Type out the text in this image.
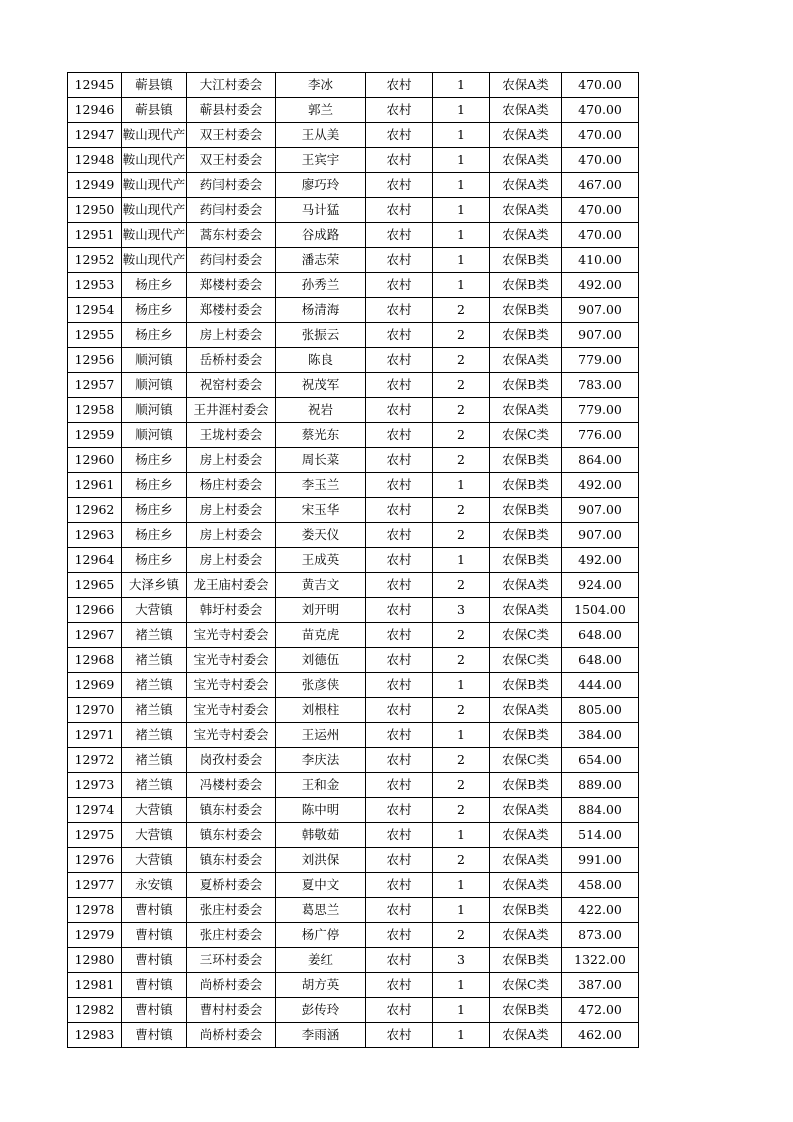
12945	蕲县镇	大江村委会	李冰	农村	1	农保A类	470.00
12946	蕲县镇	蕲县村委会	郭兰	农村	1	农保A类	470.00
12947	鞍山现代产	双王村委会	王从美	农村	1	农保A类	470.00
12948	鞍山现代产	双王村委会	王宾宇	农村	1	农保A类	470.00
12949	鞍山现代产	药闫村委会	廖巧玲	农村	1	农保A类	467.00
12950	鞍山现代产	药闫村委会	马计猛	农村	1	农保A类	470.00
12951	鞍山现代产	蒿东村委会	谷成路	农村	1	农保A类	470.00
12952	鞍山现代产	药闫村委会	潘志荣	农村	1	农保B类	410.00
12953	杨庄乡	郑楼村委会	孙秀兰	农村	1	农保B类	492.00
12954	杨庄乡	郑楼村委会	杨清海	农村	2	农保B类	907.00
12955	杨庄乡	房上村委会	张振云	农村	2	农保B类	907.00
12956	顺河镇	岳桥村委会	陈良	农村	2	农保A类	779.00
12957	顺河镇	祝窑村委会	祝茂军	农村	2	农保B类	783.00
12958	顺河镇	王井涯村委会	祝岩	农村	2	农保A类	779.00
12959	顺河镇	王垅村委会	蔡光东	农村	2	农保C类	776.00
12960	杨庄乡	房上村委会	周长菜	农村	2	农保B类	864.00
12961	杨庄乡	杨庄村委会	李玉兰	农村	1	农保B类	492.00
12962	杨庄乡	房上村委会	宋玉华	农村	2	农保B类	907.00
12963	杨庄乡	房上村委会	娄天仪	农村	2	农保B类	907.00
12964	杨庄乡	房上村委会	王成英	农村	1	农保B类	492.00
12965	大泽乡镇	龙王庙村委会	黄吉文	农村	2	农保A类	924.00
12966	大营镇	韩圩村委会	刘开明	农村	3	农保A类	1504.00
12967	褚兰镇	宝光寺村委会	苗克虎	农村	2	农保C类	648.00
12968	褚兰镇	宝光寺村委会	刘德伍	农村	2	农保C类	648.00
12969	褚兰镇	宝光寺村委会	张彦侠	农村	1	农保B类	444.00
12970	褚兰镇	宝光寺村委会	刘根柱	农村	2	农保A类	805.00
12971	褚兰镇	宝光寺村委会	王运州	农村	1	农保B类	384.00
12972	褚兰镇	岗孜村委会	李庆法	农村	2	农保C类	654.00
12973	褚兰镇	冯楼村委会	王和金	农村	2	农保B类	889.00
12974	大营镇	镇东村委会	陈中明	农村	2	农保A类	884.00
12975	大营镇	镇东村委会	韩敬茹	农村	1	农保A类	514.00
12976	大营镇	镇东村委会	刘洪保	农村	2	农保A类	991.00
12977	永安镇	夏桥村委会	夏中文	农村	1	农保A类	458.00
12978	曹村镇	张庄村委会	葛思兰	农村	1	农保B类	422.00
12979	曹村镇	张庄村委会	杨广停	农村	2	农保A类	873.00
12980	曹村镇	三环村委会	姜红	农村	3	农保B类	1322.00
12981	曹村镇	尚桥村委会	胡方英	农村	1	农保C类	387.00
12982	曹村镇	曹村村委会	彭传玲	农村	1	农保B类	472.00
12983	曹村镇	尚桥村委会	李雨涵	农村	1	农保A类	462.00
